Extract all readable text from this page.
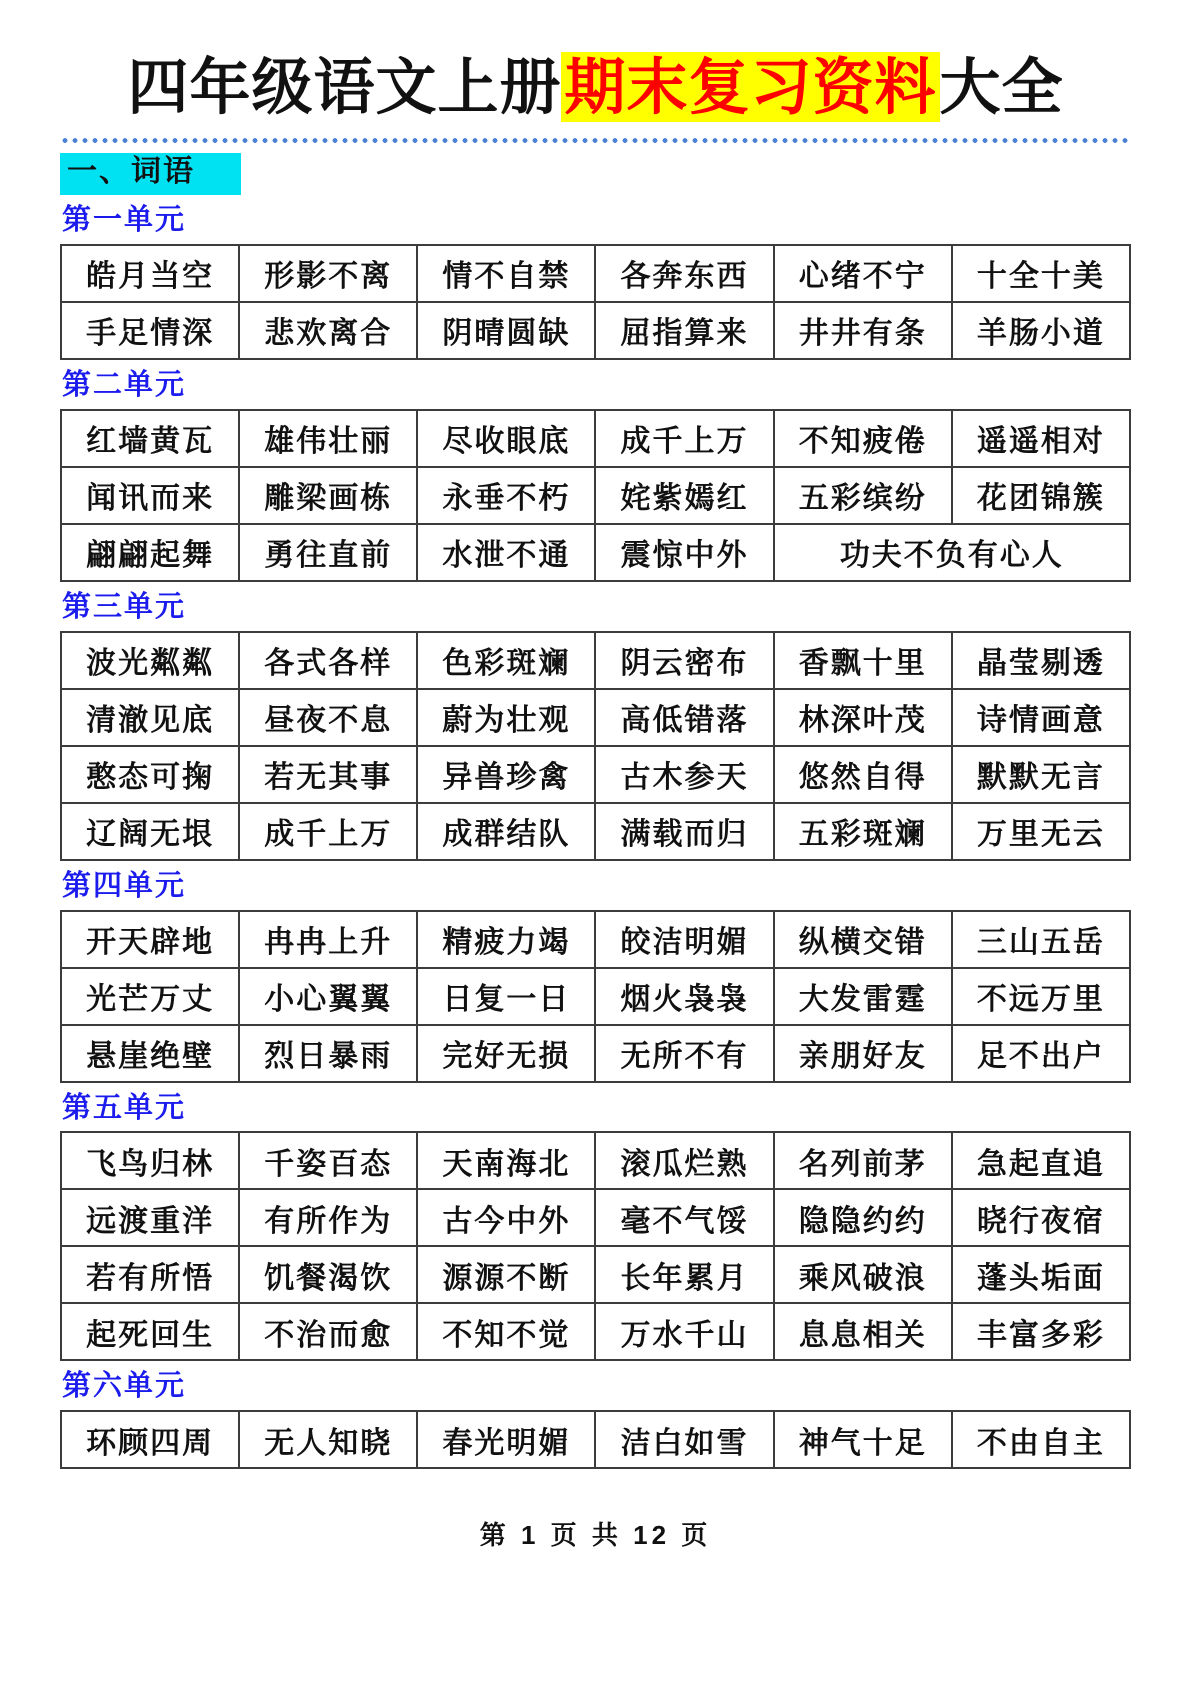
四年级语文上册期末复习资料大全
一、词语
第一单元
皓月当空	形影不离	情不自禁	各奔东西	心绪不宁	十全十美
手足情深	悲欢离合	阴晴圆缺	屈指算来	井井有条	羊肠小道
第二单元
红墙黄瓦	雄伟壮丽	尽收眼底	成千上万	不知疲倦	遥遥相对
闻讯而来	雕梁画栋	永垂不朽	姹紫嫣红	五彩缤纷	花团锦簇
翩翩起舞	勇往直前	水泄不通	震惊中外	功夫不负有心人	
第三单元
波光粼粼	各式各样	色彩斑斓	阴云密布	香飘十里	晶莹剔透
清澈见底	昼夜不息	蔚为壮观	高低错落	林深叶茂	诗情画意
憨态可掬	若无其事	异兽珍禽	古木参天	悠然自得	默默无言
辽阔无垠	成千上万	成群结队	满载而归	五彩斑斓	万里无云
第四单元
开天辟地	冉冉上升	精疲力竭	皎洁明媚	纵横交错	三山五岳
光芒万丈	小心翼翼	日复一日	烟火袅袅	大发雷霆	不远万里
悬崖绝壁	烈日暴雨	完好无损	无所不有	亲朋好友	足不出户
第五单元
飞鸟归林	千姿百态	天南海北	滚瓜烂熟	名列前茅	急起直追
远渡重洋	有所作为	古今中外	毫不气馁	隐隐约约	晓行夜宿
若有所悟	饥餐渴饮	源源不断	长年累月	乘风破浪	蓬头垢面
起死回生	不治而愈	不知不觉	万水千山	息息相关	丰富多彩
第六单元
环顾四周	无人知晓	春光明媚	洁白如雪	神气十足	不由自主
第 1 页 共 12 页
